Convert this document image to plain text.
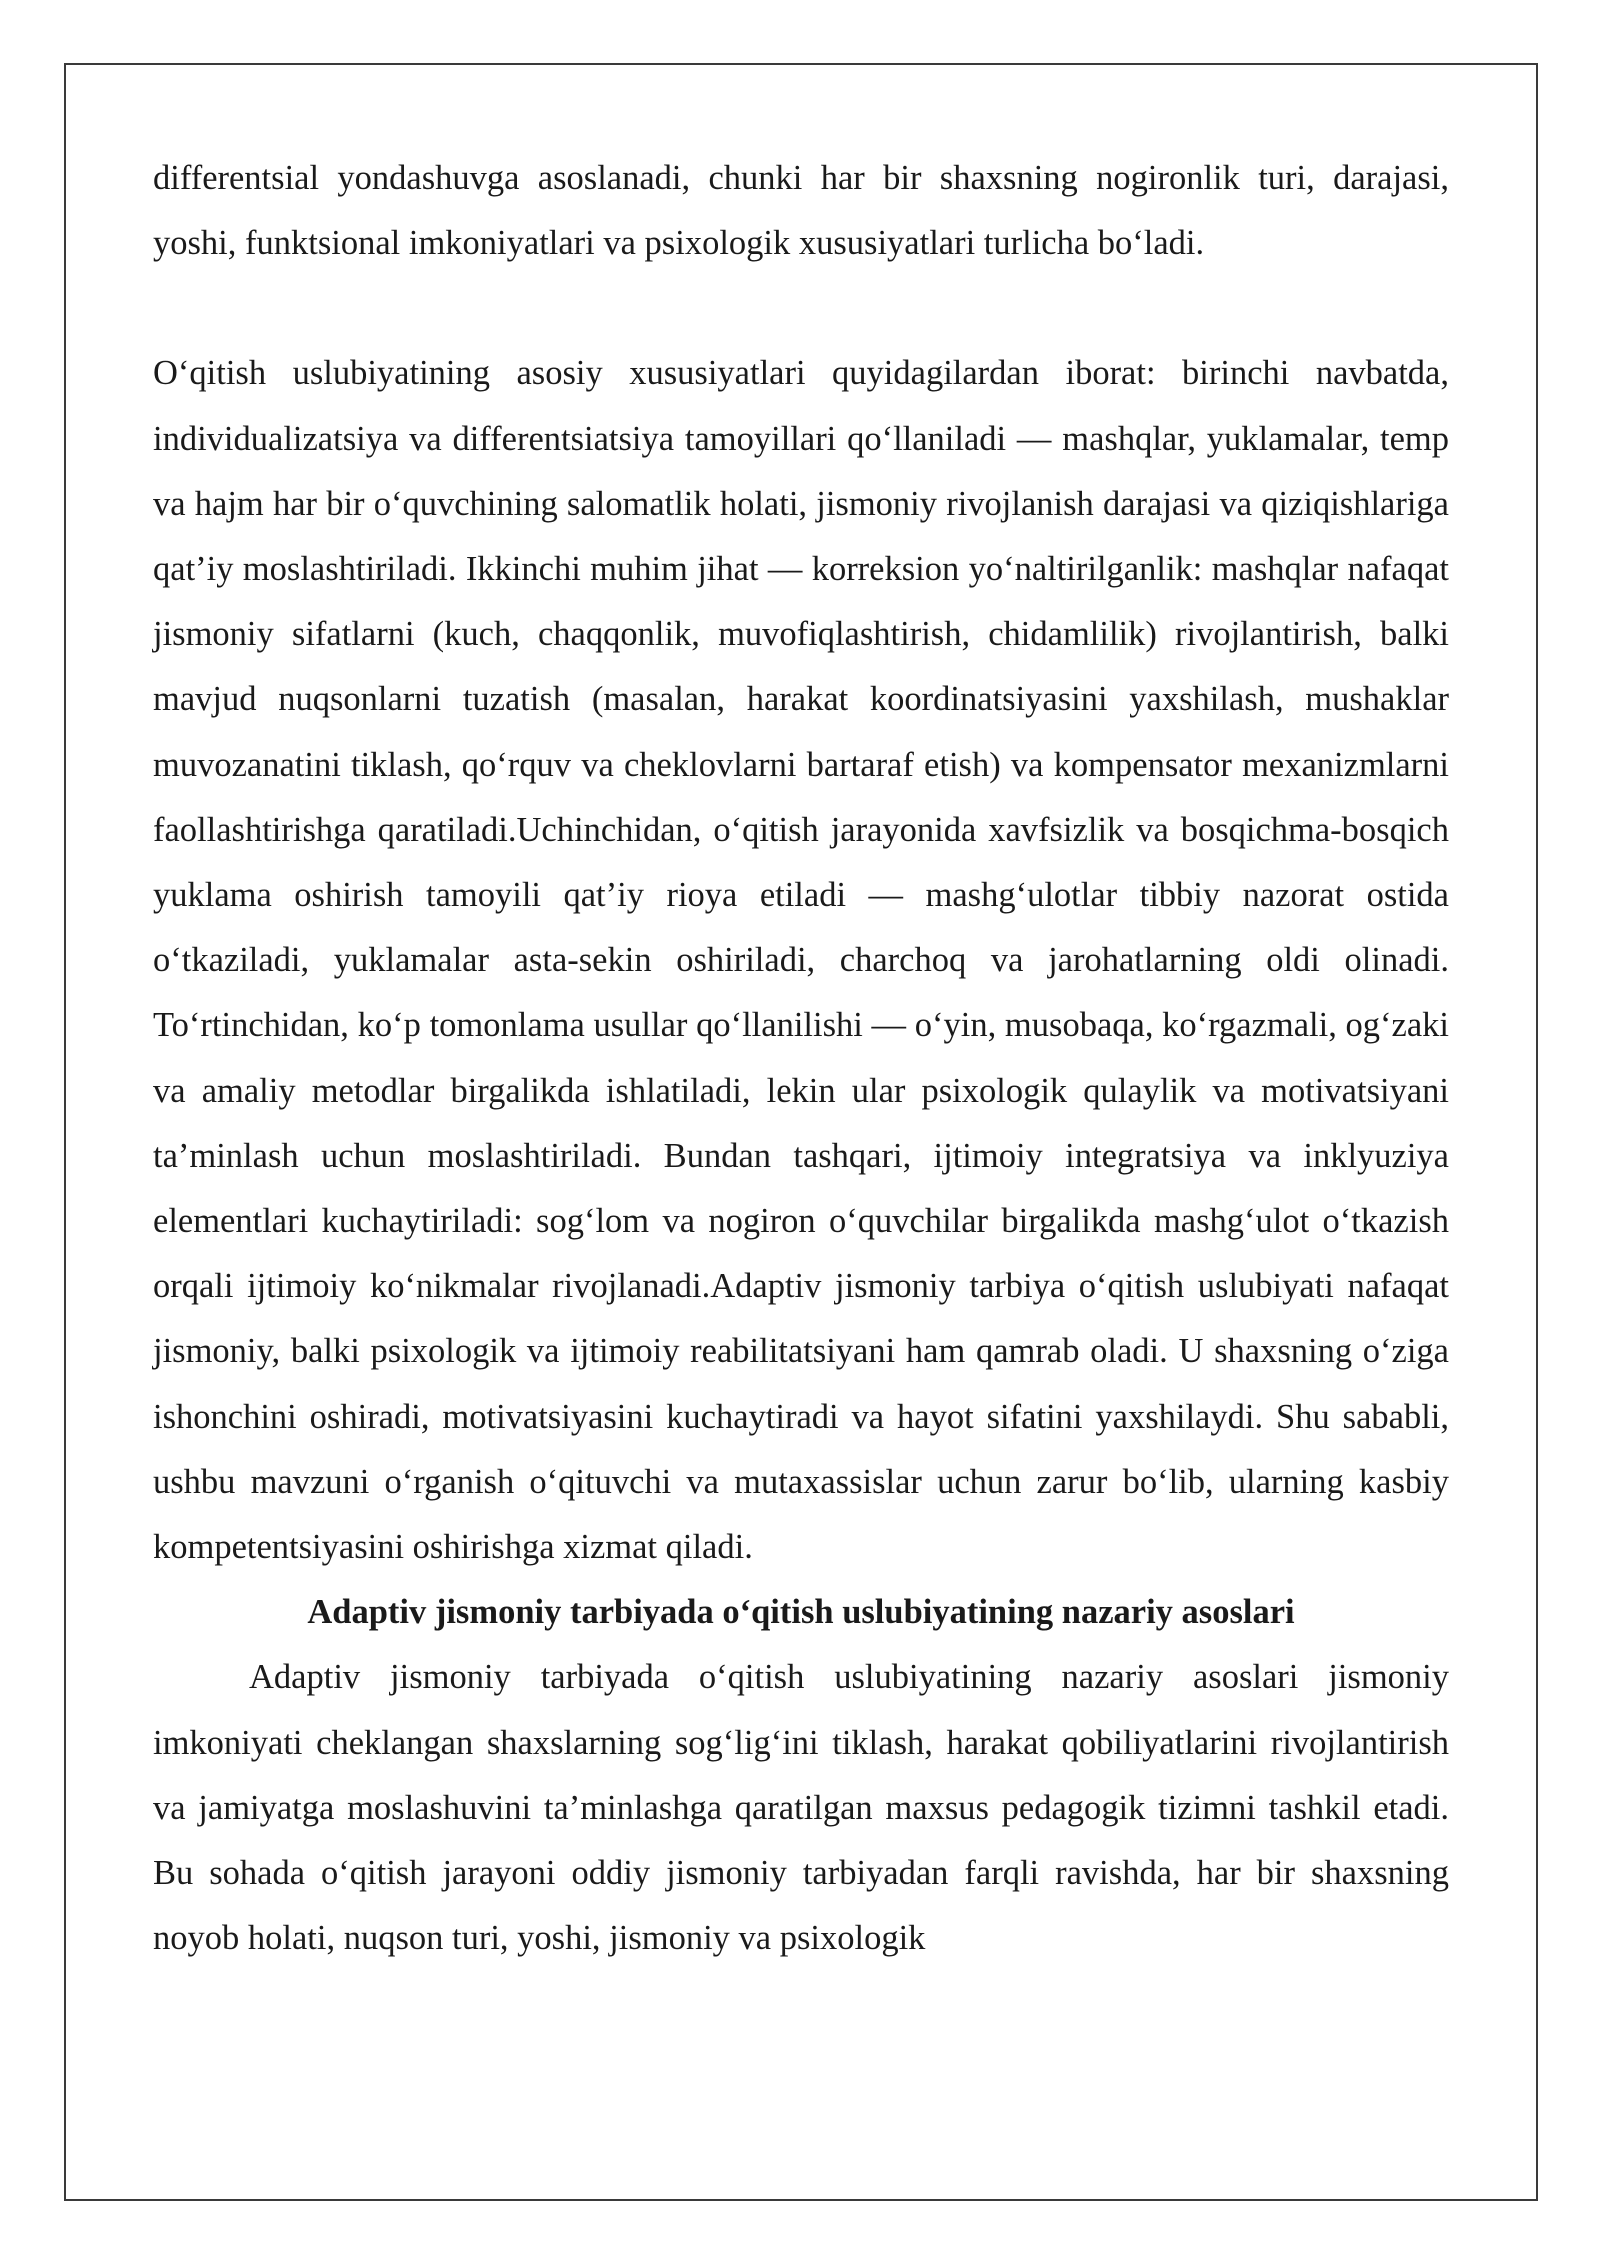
differentsial yondashuvga asoslanadi, chunki har bir shaxsning nogironlik turi, darajasi, yoshi, funktsional imkoniyatlari va psixologik xususiyatlari turlicha bo‘ladi.

O‘qitish uslubiyatining asosiy xususiyatlari quyidagilardan iborat: birinchi navbatda, individualizatsiya va differentsiatsiya tamoyillari qo‘llaniladi — mashqlar, yuklamalar, temp va hajm har bir o‘quvchining salomatlik holati, jismoniy rivojlanish darajasi va qiziqishlariga qat’iy moslashtiriladi. Ikkinchi muhim jihat — korreksion yo‘naltirilganlik: mashqlar nafaqat jismoniy sifatlarni (kuch, chaqqonlik, muvofiqlashtirish, chidamlilik) rivojlantirish, balki mavjud nuqsonlarni tuzatish (masalan, harakat koordinatsiyasini yaxshilash, mushaklar muvozanatini tiklash, qo‘rquv va cheklovlarni bartaraf etish) va kompensator mexanizmlarni faollashtirishga qaratiladi.Uchinchidan, o‘qitish jarayonida xavfsizlik va bosqichma-bosqich yuklama oshirish tamoyili qat’iy rioya etiladi — mashg‘ulotlar tibbiy nazorat ostida o‘tkaziladi, yuklamalar asta-sekin oshiriladi, charchoq va jarohatlarning oldi olinadi. To‘rtinchidan, ko‘p tomonlama usullar qo‘llanilishi — o‘yin, musobaqa, ko‘rgazmali, og‘zaki va amaliy metodlar birgalikda ishlatiladi, lekin ular psixologik qulaylik va motivatsiyani ta’minlash uchun moslashtiriladi. Bundan tashqari, ijtimoiy integratsiya va inklyuziya elementlari kuchaytiriladi: sog‘lom va nogiron o‘quvchilar birgalikda mashg‘ulot o‘tkazish orqali ijtimoiy ko‘nikmalar rivojlanadi.Adaptiv jismoniy tarbiya o‘qitish uslubiyati nafaqat jismoniy, balki psixologik va ijtimoiy reabilitatsiyani ham qamrab oladi. U shaxsning o‘ziga ishonchini oshiradi, motivatsiyasini kuchaytiradi va hayot sifatini yaxshilaydi. Shu sababli, ushbu mavzuni o‘rganish o‘qituvchi va mutaxassislar uchun zarur bo‘lib, ularning kasbiy kompetentsiyasini oshirishga xizmat qiladi.

Adaptiv jismoniy tarbiyada o‘qitish uslubiyatining nazariy asoslari

Adaptiv jismoniy tarbiyada o‘qitish uslubiyatining nazariy asoslari jismoniy imkoniyati cheklangan shaxslarning sog‘lig‘ini tiklash, harakat qobiliyatlarini rivojlantirish va jamiyatga moslashuvini ta’minlashga qaratilgan maxsus pedagogik tizimni tashkil etadi. Bu sohada o‘qitish jarayoni oddiy jismoniy tarbiyadan farqli ravishda, har bir shaxsning noyob holati, nuqson turi, yoshi, jismoniy va psixologik
